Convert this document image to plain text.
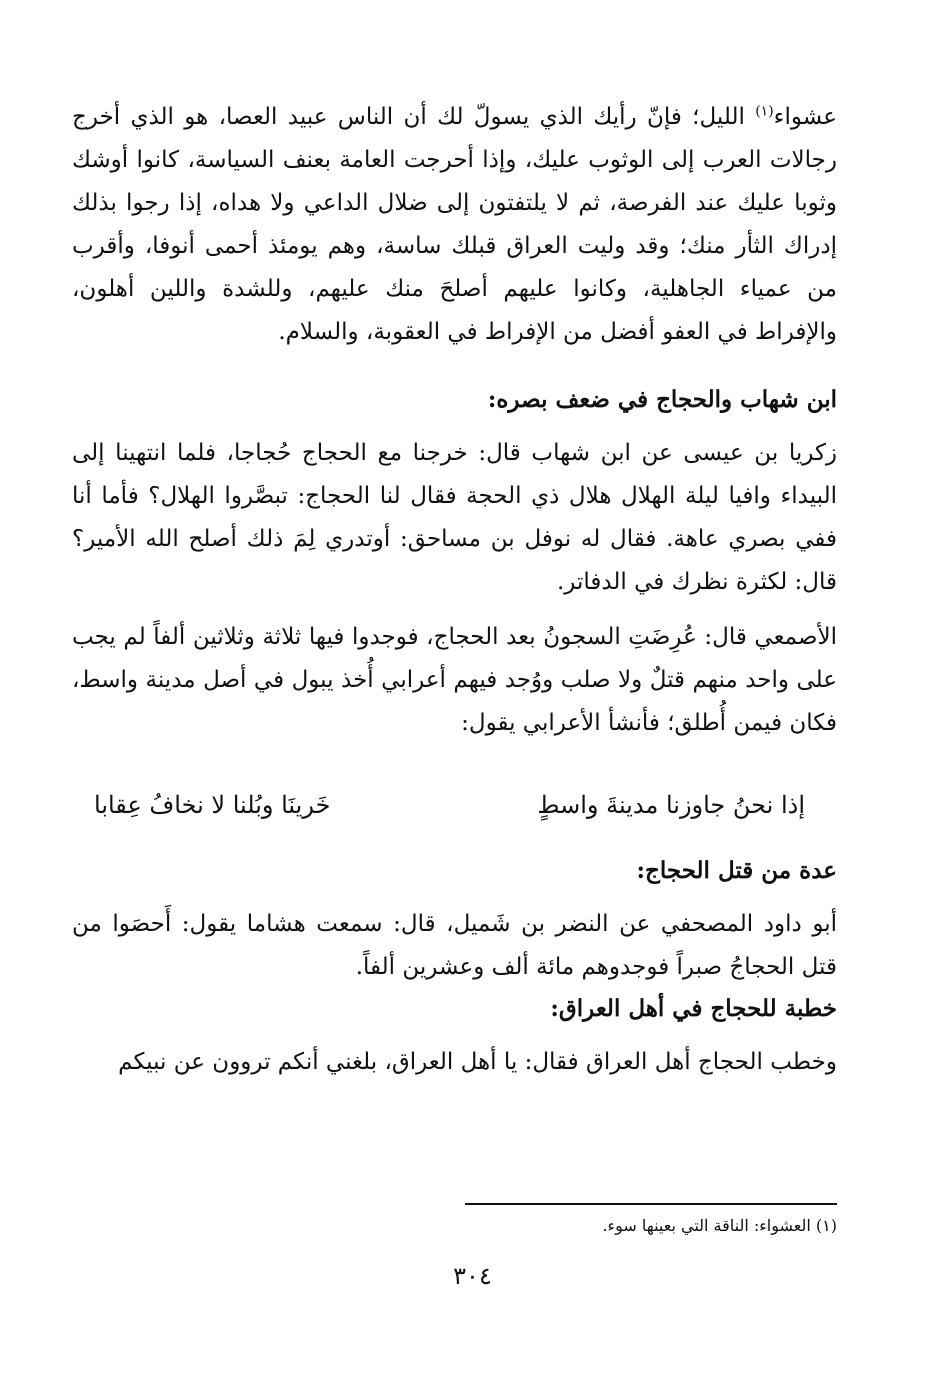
عشواء$^{(١)}$ الليل؛ فإنّ رأيك الذي يسولّ لك أن الناس عبيد العصا، هو الذي أخرج رجالات العرب إلى الوثوب عليك، وإذا أحرجت العامة بعنف السياسة، كانوا أوشك وثوبا عليك عند الفرصة، ثم لا يلتفتون إلى ضلال الداعي ولا هداه، إذا رجوا بذلك إدراك الثأر منك؛ وقد وليت العراق قبلك ساسة، وهم يومئذ أحمى أنوفا، وأقرب من عمياء الجاهلية، وكانوا عليهم أصلحَ منك عليهم، وللشدة واللين أهلون، والإفراط في العفو أفضل من الإفراط في العقوبة، والسلام.

ابن شهاب والحجاج في ضعف بصره:

زكريا بن عيسى عن ابن شهاب قال: خرجنا مع الحجاج حُجاجا، فلما انتهينا إلى البيداء وافيا ليلة الهلال هلال ذي الحجة فقال لنا الحجاج: تبصَّروا الهلال؟ فأما أنا ففي بصري عاهة. فقال له نوفل بن مساحق: أوتدري لِمَ ذلك أصلح الله الأمير؟ قال: لكثرة نظرك في الدفاتر.

الأصمعي قال: عُرِضَتِ السجونُ بعد الحجاج، فوجدوا فيها ثلاثة وثلاثين ألفاً لم يجب على واحد منهم قتلٌ ولا صلب ووُجد فيهم أعرابي أُخذ يبول في أصل مدينة واسط، فكان فيمن أُطلق؛ فأنشأ الأعرابي يقول:

إذا نحنُ جاوزنا مدينةَ واسطٍ
خَرينَا وبُلنا لا نخافُ عِقابا
عدة من قتل الحجاج:

أبو داود المصحفي عن النضر بن شَميل، قال: سمعت هشاما يقول: أَحصَوا من قتل الحجاجُ صبراً فوجدوهم مائة ألف وعشرين ألفاً.

خطبة للحجاج في أهل العراق:

وخطب الحجاج أهل العراق فقال: يا أهل العراق، بلغني أنكم تروون عن نبيكم

(١) العشواء: الناقة التي بعينها سوء.
٣٠٤
